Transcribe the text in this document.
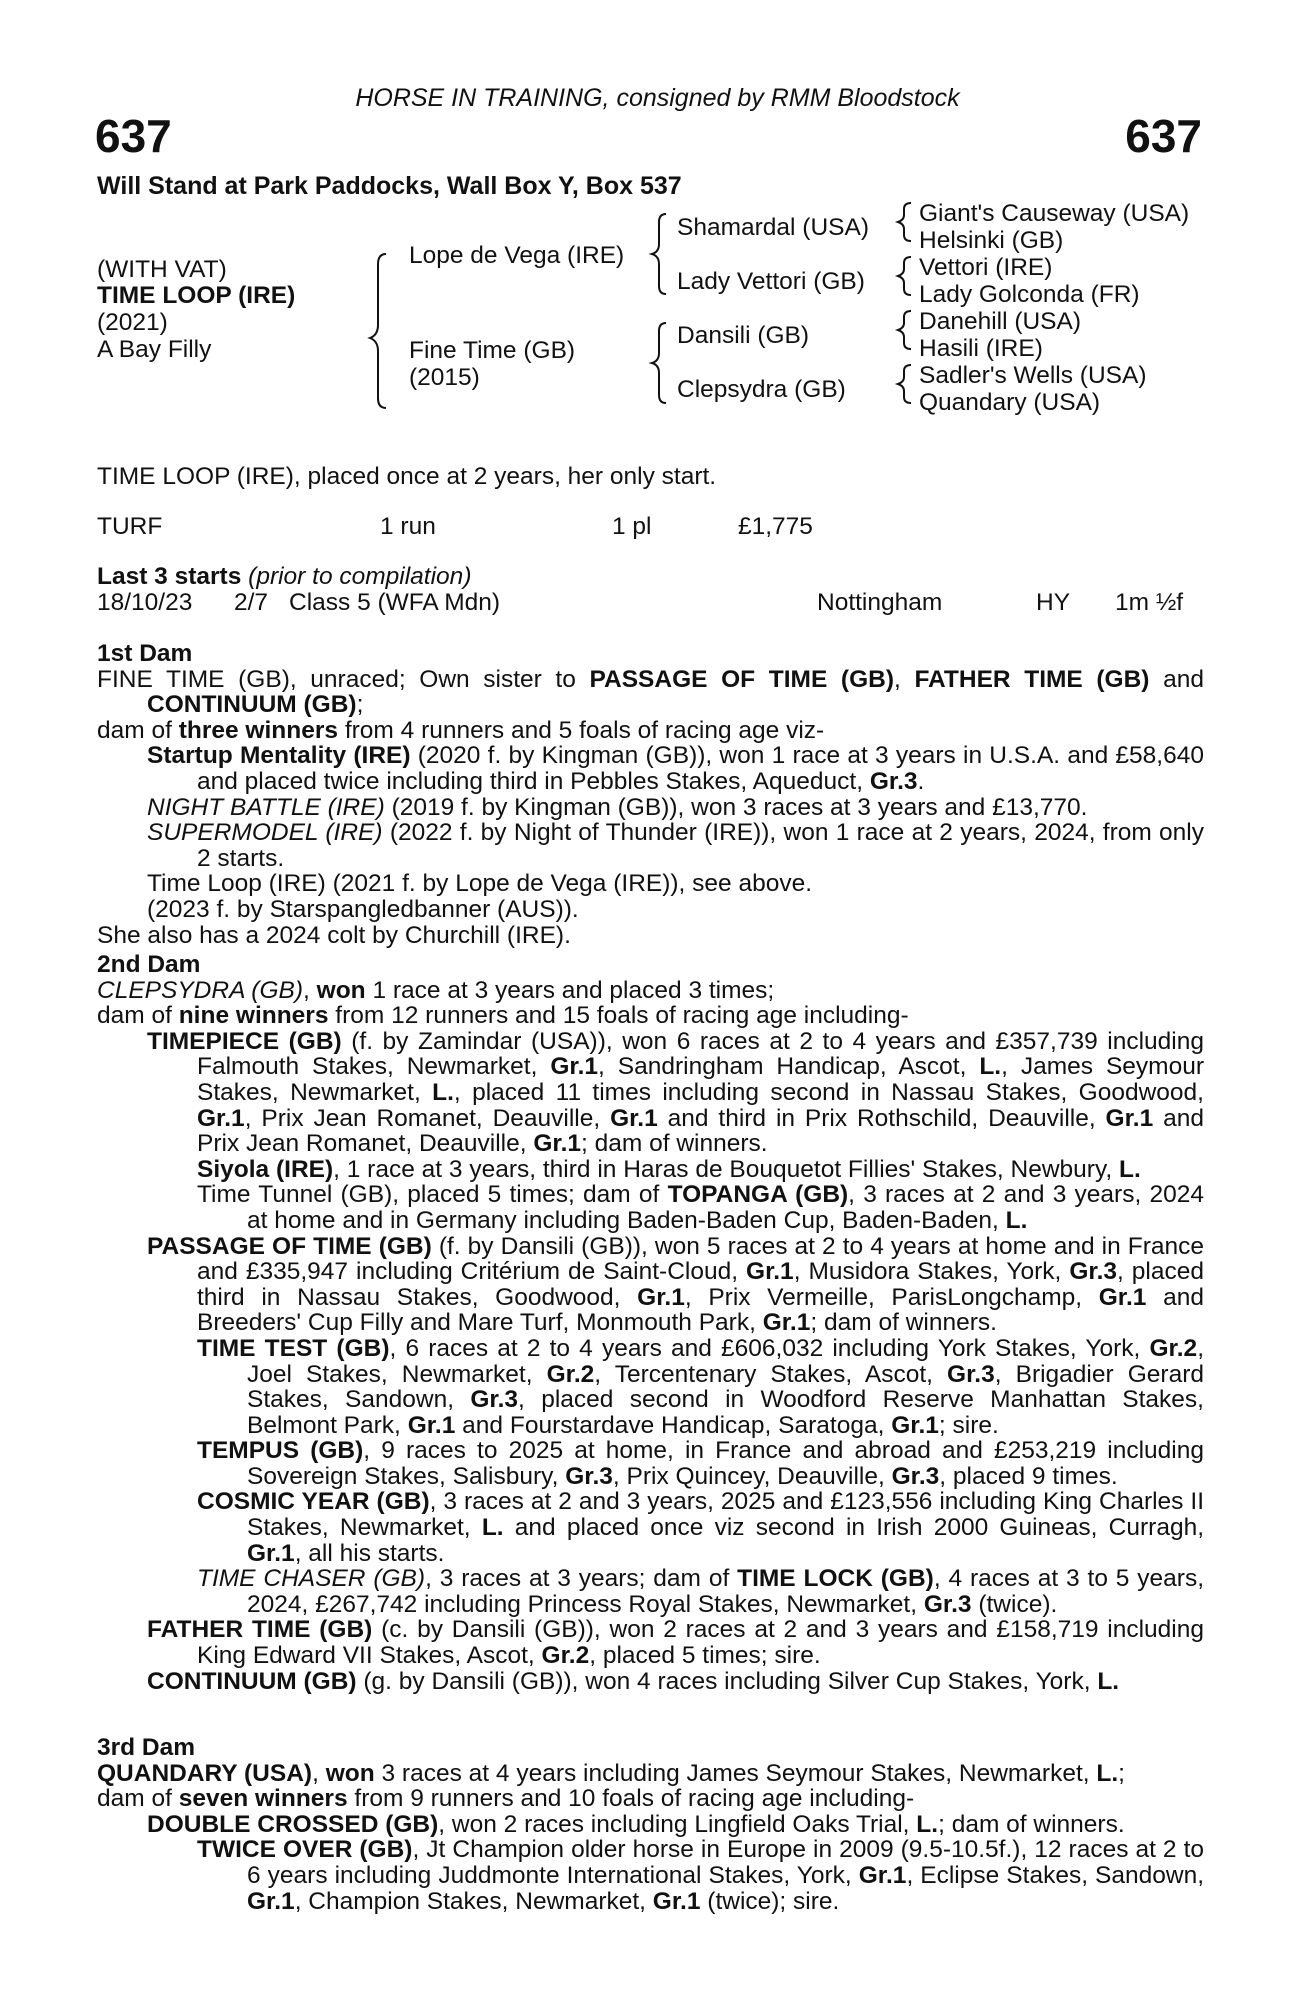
HORSE IN TRAINING, consigned by RMM Bloodstock
637	637
Will Stand at Park Paddocks, Wall Box Y, Box 537
(WITH VAT)
TIME LOOP (IRE)
(2021)
A Bay Filly
Lope de Vega (IRE)
Fine Time (GB)
(2015)
Shamardal (USA)
Lady Vettori (GB)
Dansili (GB)
Clepsydra (GB)
Giant's Causeway (USA)
Helsinki (GB)
Vettori (IRE)
Lady Golconda (FR)
Danehill (USA)
Hasili (IRE)
Sadler's Wells (USA)
Quandary (USA)
TIME LOOP (IRE), placed once at 2 years, her only start.
TURF	1 run	1 pl	£1,775
Last 3 starts (prior to compilation)
18/10/23 2/7 Class 5 (WFA Mdn)	Nottingham	HY 1m ½f

1st Dam

FINE TIME (GB), unraced; Own sister to PASSAGE OF TIME (GB), FATHER TIME (GB) and CONTINUUM (GB);

dam of three winners from 4 runners and 5 foals of racing age viz-

Startup Mentality (IRE) (2020 f. by Kingman (GB)), won 1 race at 3 years in U.S.A. and £58,640 and placed twice including third in Pebbles Stakes, Aqueduct, Gr.3.

NIGHT BATTLE (IRE) (2019 f. by Kingman (GB)), won 3 races at 3 years and £13,770.

SUPERMODEL (IRE) (2022 f. by Night of Thunder (IRE)), won 1 race at 2 years, 2024, from only 2 starts.

Time Loop (IRE) (2021 f. by Lope de Vega (IRE)), see above.

(2023 f. by Starspangledbanner (AUS)).

She also has a 2024 colt by Churchill (IRE).

2nd Dam

CLEPSYDRA (GB), won 1 race at 3 years and placed 3 times;

dam of nine winners from 12 runners and 15 foals of racing age including-

TIMEPIECE (GB) (f. by Zamindar (USA)), won 6 races at 2 to 4 years and £357,739 including Falmouth Stakes, Newmarket, Gr.1, Sandringham Handicap, Ascot, L., James Seymour Stakes, Newmarket, L., placed 11 times including second in Nassau Stakes, Goodwood, Gr.1, Prix Jean Romanet, Deauville, Gr.1 and third in Prix Rothschild, Deauville, Gr.1 and Prix Jean Romanet, Deauville, Gr.1; dam of winners.

Siyola (IRE), 1 race at 3 years, third in Haras de Bouquetot Fillies' Stakes, Newbury, L.

Time Tunnel (GB), placed 5 times; dam of TOPANGA (GB), 3 races at 2 and 3 years, 2024 at home and in Germany including Baden-Baden Cup, Baden-Baden, L.

PASSAGE OF TIME (GB) (f. by Dansili (GB)), won 5 races at 2 to 4 years at home and in France and £335,947 including Critérium de Saint-Cloud, Gr.1, Musidora Stakes, York, Gr.3, placed third in Nassau Stakes, Goodwood, Gr.1, Prix Vermeille, ParisLongchamp, Gr.1 and Breeders' Cup Filly and Mare Turf, Monmouth Park, Gr.1; dam of winners.

TIME TEST (GB), 6 races at 2 to 4 years and £606,032 including York Stakes, York, Gr.2, Joel Stakes, Newmarket, Gr.2, Tercentenary Stakes, Ascot, Gr.3, Brigadier Gerard Stakes, Sandown, Gr.3, placed second in Woodford Reserve Manhattan Stakes, Belmont Park, Gr.1 and Fourstardave Handicap, Saratoga, Gr.1; sire.

TEMPUS (GB), 9 races to 2025 at home, in France and abroad and £253,219 including Sovereign Stakes, Salisbury, Gr.3, Prix Quincey, Deauville, Gr.3, placed 9 times.

COSMIC YEAR (GB), 3 races at 2 and 3 years, 2025 and £123,556 including King Charles II Stakes, Newmarket, L. and placed once viz second in Irish 2000 Guineas, Curragh, Gr.1, all his starts.

TIME CHASER (GB), 3 races at 3 years; dam of TIME LOCK (GB), 4 races at 3 to 5 years, 2024, £267,742 including Princess Royal Stakes, Newmarket, Gr.3 (twice).

FATHER TIME (GB) (c. by Dansili (GB)), won 2 races at 2 and 3 years and £158,719 including King Edward VII Stakes, Ascot, Gr.2, placed 5 times; sire.

CONTINUUM (GB) (g. by Dansili (GB)), won 4 races including Silver Cup Stakes, York, L.

3rd Dam

QUANDARY (USA), won 3 races at 4 years including James Seymour Stakes, Newmarket, L.;

dam of seven winners from 9 runners and 10 foals of racing age including-

DOUBLE CROSSED (GB), won 2 races including Lingfield Oaks Trial, L.; dam of winners.

TWICE OVER (GB), Jt Champion older horse in Europe in 2009 (9.5-10.5f.), 12 races at 2 to 6 years including Juddmonte International Stakes, York, Gr.1, Eclipse Stakes, Sandown, Gr.1, Champion Stakes, Newmarket, Gr.1 (twice); sire.
